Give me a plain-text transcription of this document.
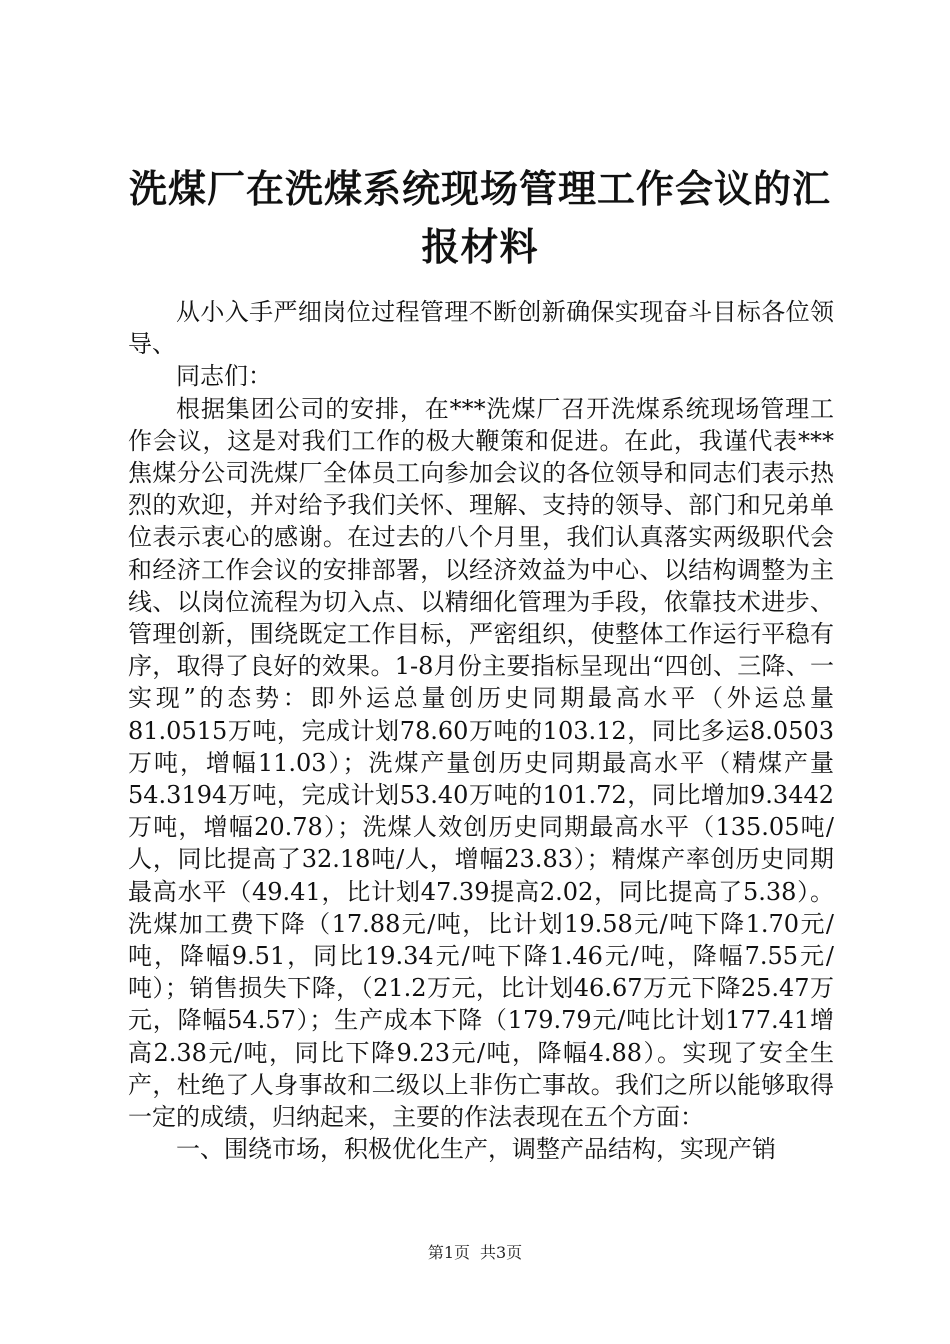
洗煤厂在洗煤系统现场管理工作会议的汇报材料

从小入手严细岗位过程管理不断创新确保实现奋斗目标各位领导、

同志们：

根据集团公司的安排，在***洗煤厂召开洗煤系统现场管理工作会议，这是对我们工作的极大鞭策和促进。在此，我谨代表***焦煤分公司洗煤厂全体员工向参加会议的各位领导和同志们表示热烈的欢迎，并对给予我们关怀、理解、支持的领导、部门和兄弟单位表示衷心的感谢。在过去的八个月里，我们认真落实两级职代会和经济工作会议的安排部署，以经济效益为中心、以结构调整为主线、以岗位流程为切入点、以精细化管理为手段，依靠技术进步、管理创新，围绕既定工作目标，严密组织，使整体工作运行平稳有序，取得了良好的效果。1-8月份主要指标呈现出“四创、三降、一实现”的态势：即外运总量创历史同期最高水平（外运总量81.0515万吨，完成计划78.60万吨的103.12，同比多运8.0503万吨，增幅11.03）；洗煤产量创历史同期最高水平（精煤产量54.3194万吨，完成计划53.40万吨的101.72，同比增加9.3442万吨，增幅20.78）；洗煤人效创历史同期最高水平（135.05吨/人，同比提高了32.18吨/人，增幅23.83）；精煤产率创历史同期最高水平（49.41，比计划47.39提高2.02，同比提高了5.38）。洗煤加工费下降（17.88元/吨，比计划19.58元/吨下降1.70元/吨，降幅9.51，同比19.34元/吨下降1.46元/吨，降幅7.55元/吨）；销售损失下降，（21.2万元，比计划46.67万元下降25.47万元，降幅54.57）；生产成本下降（179.79元/吨比计划177.41增高2.38元/吨，同比下降9.23元/吨，降幅4.88）。实现了安全生产，杜绝了人身事故和二级以上非伤亡事故。我们之所以能够取得一定的成绩，归纳起来，主要的作法表现在五个方面：

一、围绕市场，积极优化生产，调整产品结构，实现产销

第1页 共3页
